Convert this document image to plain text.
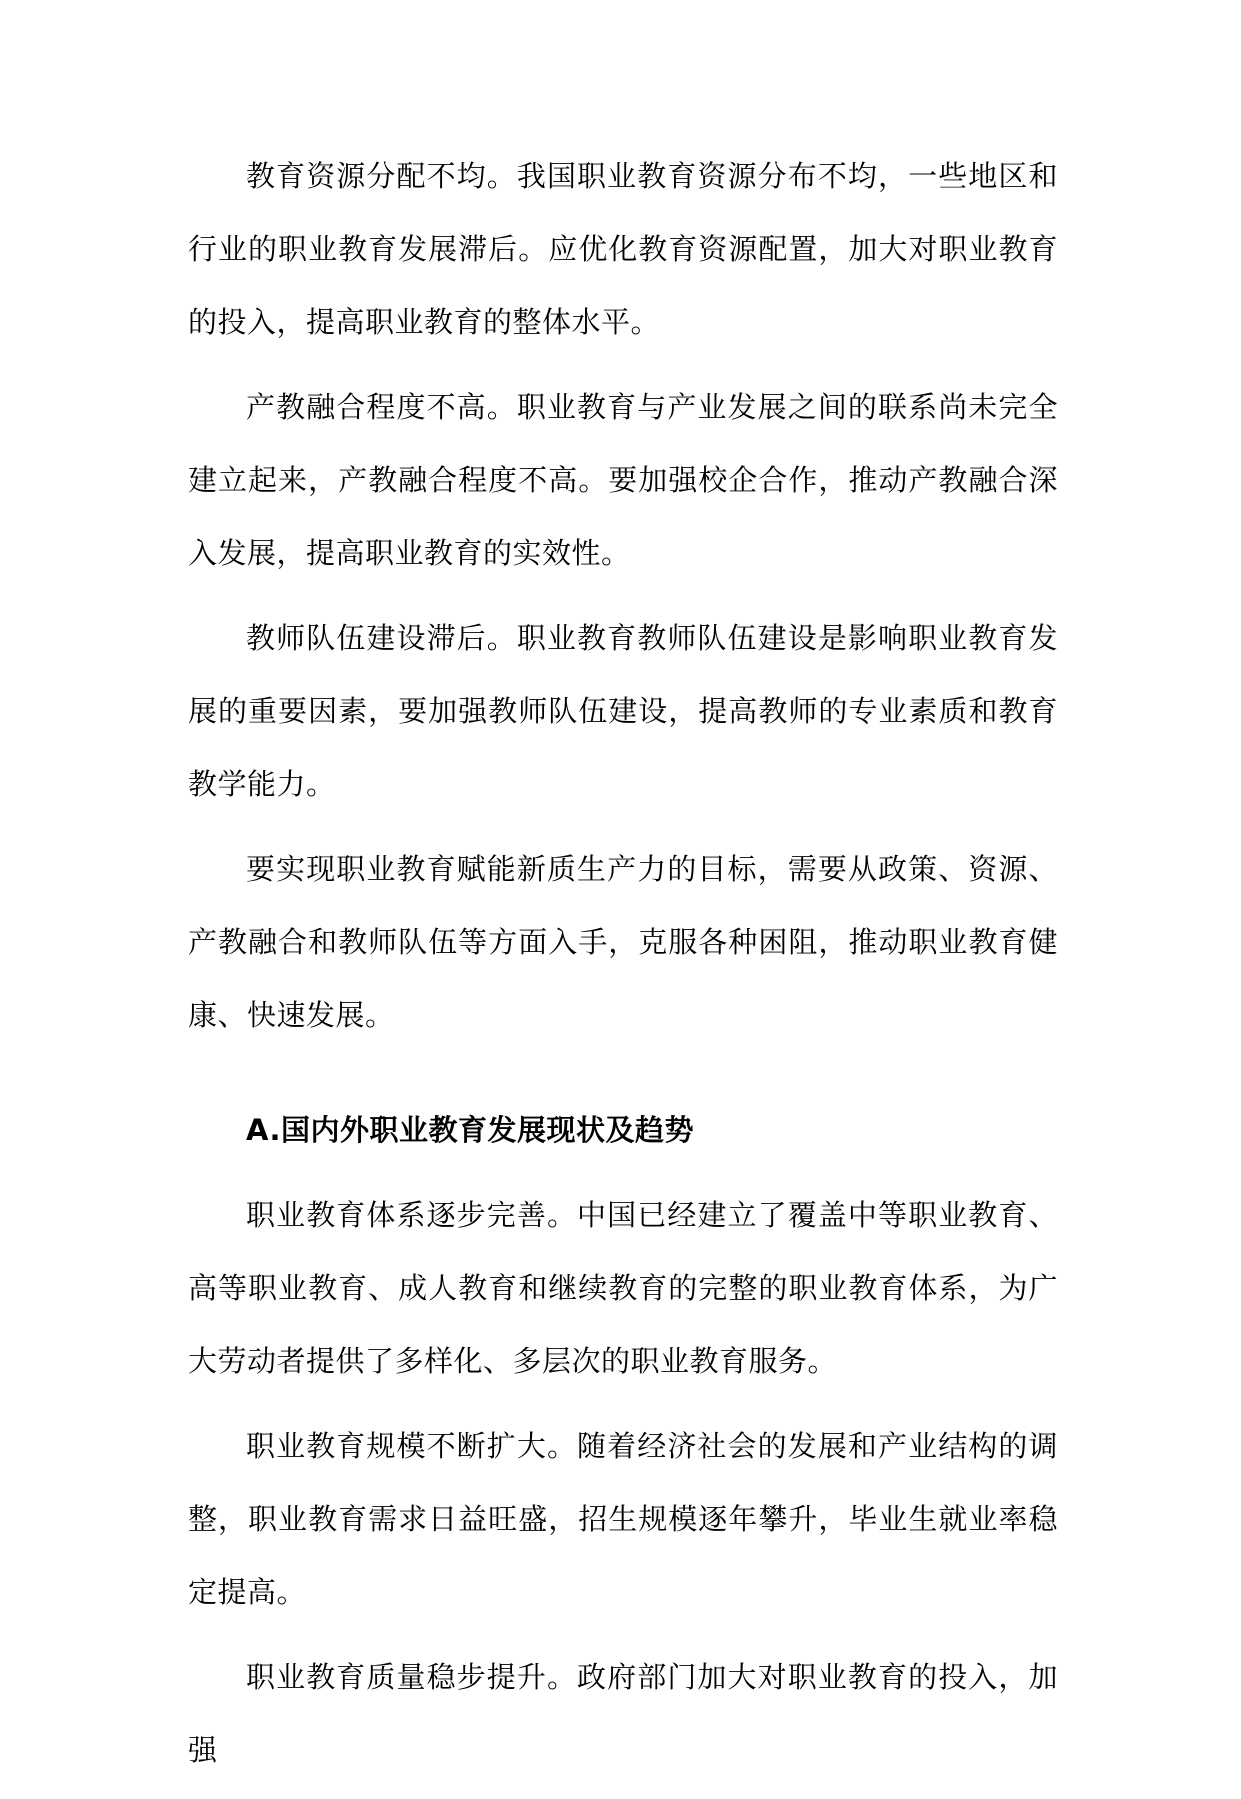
教育资源分配不均。我国职业教育资源分布不均，一些地区和行业的职业教育发展滞后。应优化教育资源配置，加大对职业教育的投入，提高职业教育的整体水平。

产教融合程度不高。职业教育与产业发展之间的联系尚未完全建立起来，产教融合程度不高。要加强校企合作，推动产教融合深入发展，提高职业教育的实效性。

教师队伍建设滞后。职业教育教师队伍建设是影响职业教育发展的重要因素，要加强教师队伍建设，提高教师的专业素质和教育教学能力。

要实现职业教育赋能新质生产力的目标，需要从政策、资源、产教融合和教师队伍等方面入手，克服各种困阻，推动职业教育健康、快速发展。

A.国内外职业教育发展现状及趋势

职业教育体系逐步完善。中国已经建立了覆盖中等职业教育、高等职业教育、成人教育和继续教育的完整的职业教育体系，为广大劳动者提供了多样化、多层次的职业教育服务。

职业教育规模不断扩大。随着经济社会的发展和产业结构的调整，职业教育需求日益旺盛，招生规模逐年攀升，毕业生就业率稳定提高。

职业教育质量稳步提升。政府部门加大对职业教育的投入，加强
